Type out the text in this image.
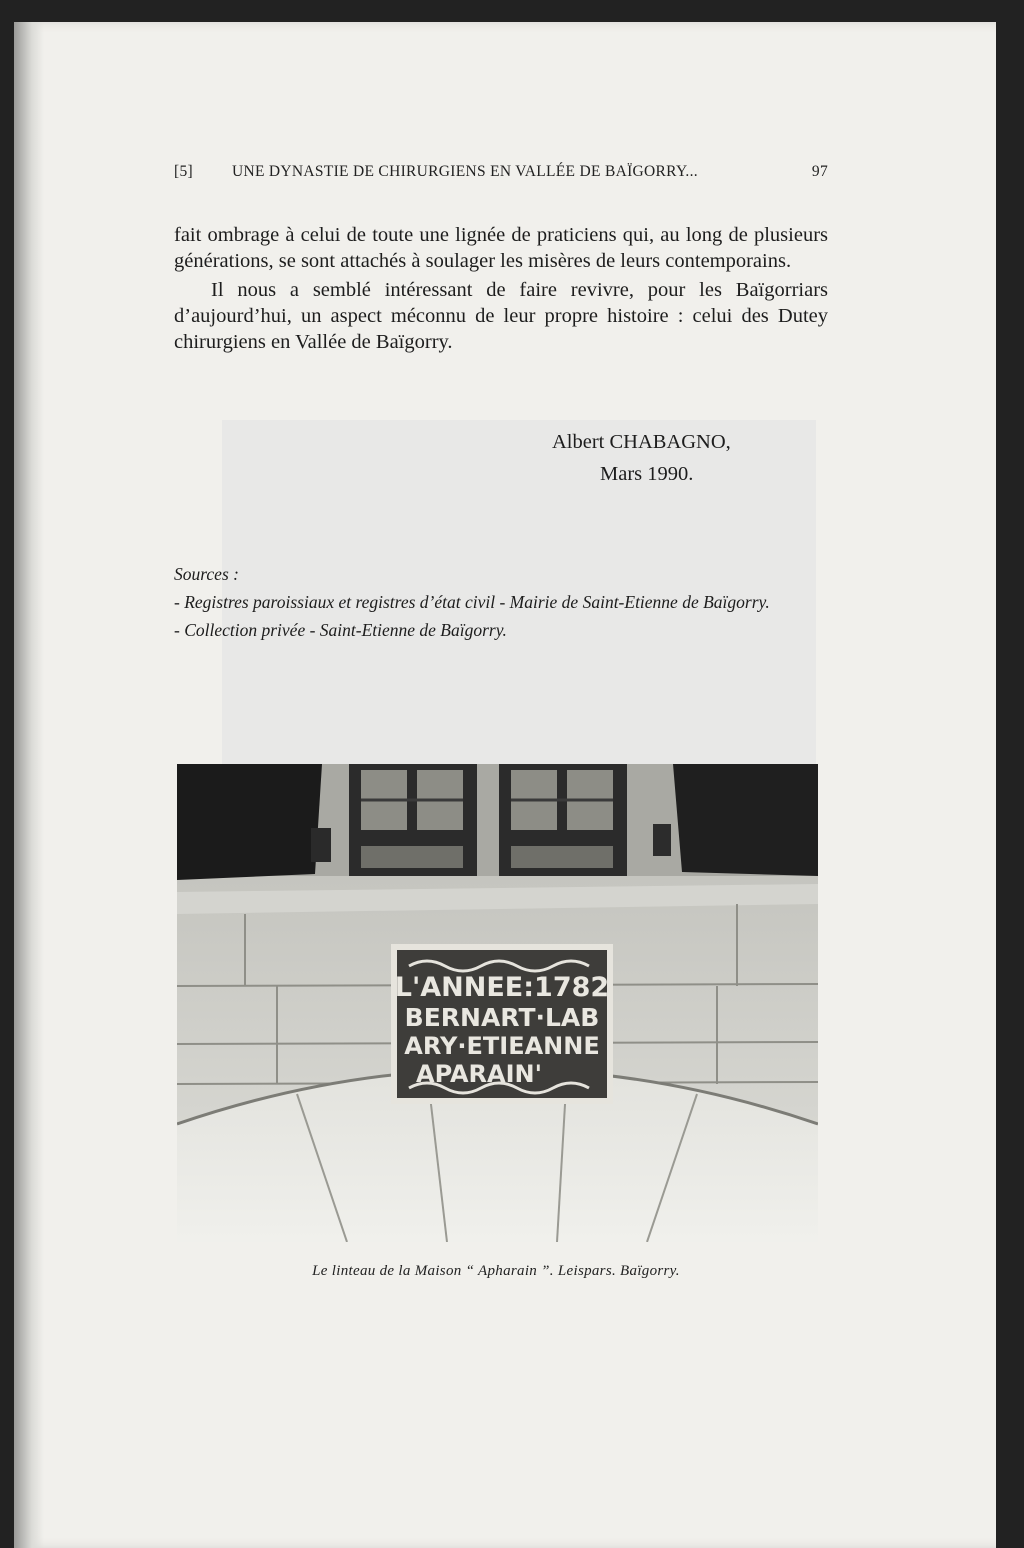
[5]	UNE DYNASTIE DE CHIRURGIENS EN VALLÉE DE BAÏGORRY...	97

fait ombrage à celui de toute une lignée de praticiens qui, au long de plusieurs générations, se sont attachés à soulager les misères de leurs contemporains.

Il nous a semblé intéressant de faire revivre, pour les Baïgorriars d’aujourd’hui, un aspect méconnu de leur propre histoire : celui des Dutey chirurgiens en Vallée de Baïgorry.

Albert CHABAGNO,
Mars 1990.
Sources :
- Registres paroissiaux et registres d’état civil - Mairie de Saint-Etienne de Baïgorry.
- Collection privée - Saint-Etienne de Baïgorry.
L'ANNEE:1782
BERNART·LAB
ARY·ETIEANNE
APARAIN'
Le linteau de la Maison “ Apharain ”. Leispars. Baïgorry.
